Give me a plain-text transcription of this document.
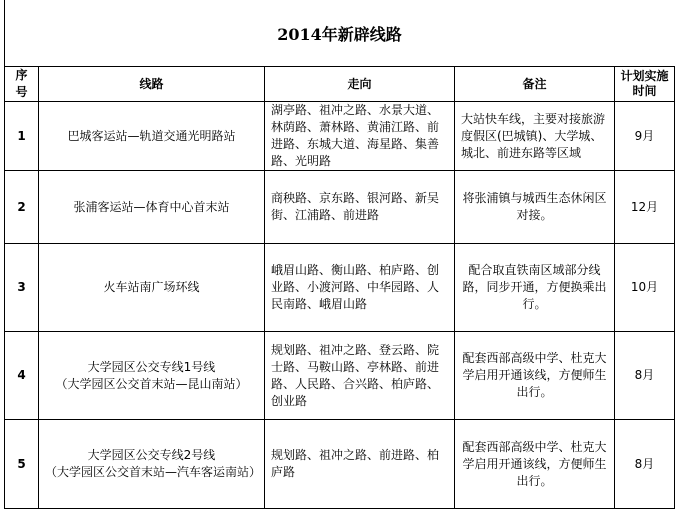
2014年新辟线路
序号	线路	走向	备注	计划实施
时间

1	巴城客运站—轨道交通光明路站	湖亭路、祖冲之路、水景大道、林荫路、萧林路、黄浦江路、前进路、东城大道、海星路、集善路、光明路	大站快车线，主要对接旅游度假区(巴城镇)、大学城、城北、前进东路等区域	9月
2	张浦客运站—体育中心首末站	商秧路、京东路、银河路、新吴街、江浦路、前进路	将张浦镇与城西生态休闲区对接。	12月
3	火车站南广场环线	峨眉山路、衡山路、柏庐路、创业路、小渡河路、中华园路、人民南路、峨眉山路	配合取直铁南区域部分线路，同步开通，方便换乘出行。	10月
4	大学园区公交专线1号线
（大学园区公交首末站—昆山南站）	规划路、祖冲之路、登云路、院士路、马鞍山路、亭林路、前进路、人民路、合兴路、柏庐路、创业路	配套西部高级中学、杜克大学启用开通该线，方便师生出行。	8月
5	大学园区公交专线2号线
（大学园区公交首末站—汽车客运南站）	规划路、祖冲之路、前进路、柏庐路	配套西部高级中学、杜克大学启用开通该线，方便师生出行。	8月
